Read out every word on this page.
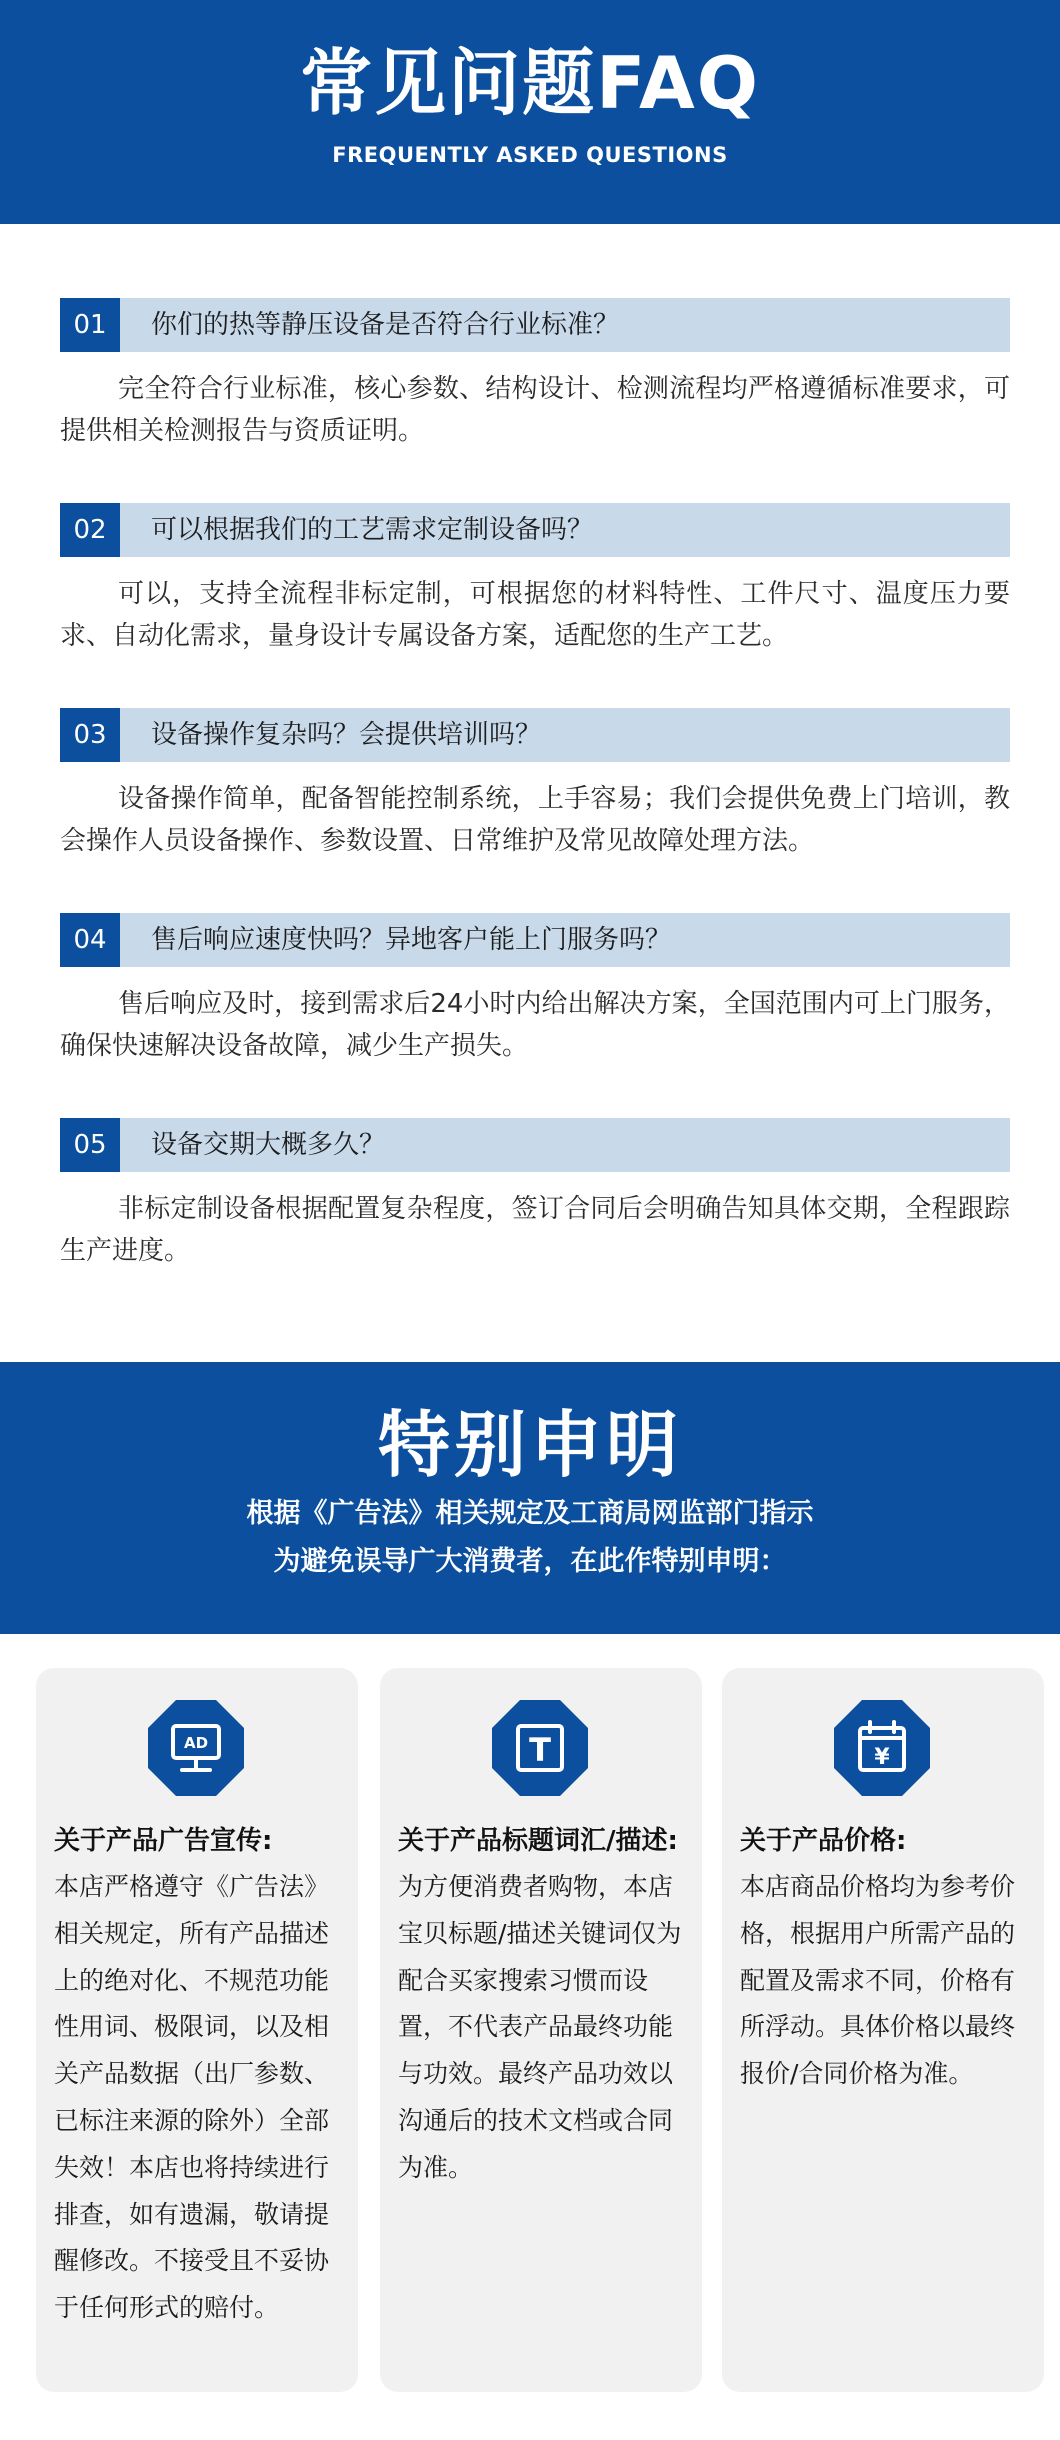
常见问题FAQ
FREQUENTLY ASKED QUESTIONS
01	你们的热等静压设备是否符合行业标准？
完全符合行业标准，核心参数、结构设计、检测流程均严格遵循标准要求，可提供相关检测报告与资质证明。
02	可以根据我们的工艺需求定制设备吗？
可以，支持全流程非标定制，可根据您的材料特性、工件尺寸、温度压力要求、自动化需求，量身设计专属设备方案，适配您的生产工艺。
03	设备操作复杂吗？会提供培训吗？
设备操作简单，配备智能控制系统，上手容易；我们会提供免费上门培训，教会操作人员设备操作、参数设置、日常维护及常见故障处理方法。
04	售后响应速度快吗？异地客户能上门服务吗？
售后响应及时，接到需求后24小时内给出解决方案，全国范围内可上门服务，确保快速解决设备故障，减少生产损失。
05	设备交期大概多久？
非标定制设备根据配置复杂程度，签订合同后会明确告知具体交期，全程跟踪生产进度。
特别申明
根据《广告法》相关规定及工商局网监部门指示
为避免误导广大消费者，在此作特别申明：
AD
关于产品广告宣传:
本店严格遵守《广告法》相关规定，所有产品描述上的绝对化、不规范功能性用词、极限词，以及相关产品数据（出厂参数、已标注来源的除外）全部失效！本店也将持续进行排查，如有遗漏，敬请提醒修改。不接受且不妥协于任何形式的赔付。
T
关于产品标题词汇/描述:
为方便消费者购物，本店宝贝标题/描述关键词仅为配合买家搜索习惯而设置，不代表产品最终功能与功效。最终产品功效以沟通后的技术文档或合同为准。
¥
关于产品价格:
本店商品价格均为参考价格，根据用户所需产品的配置及需求不同，价格有所浮动。具体价格以最终报价/合同价格为准。
